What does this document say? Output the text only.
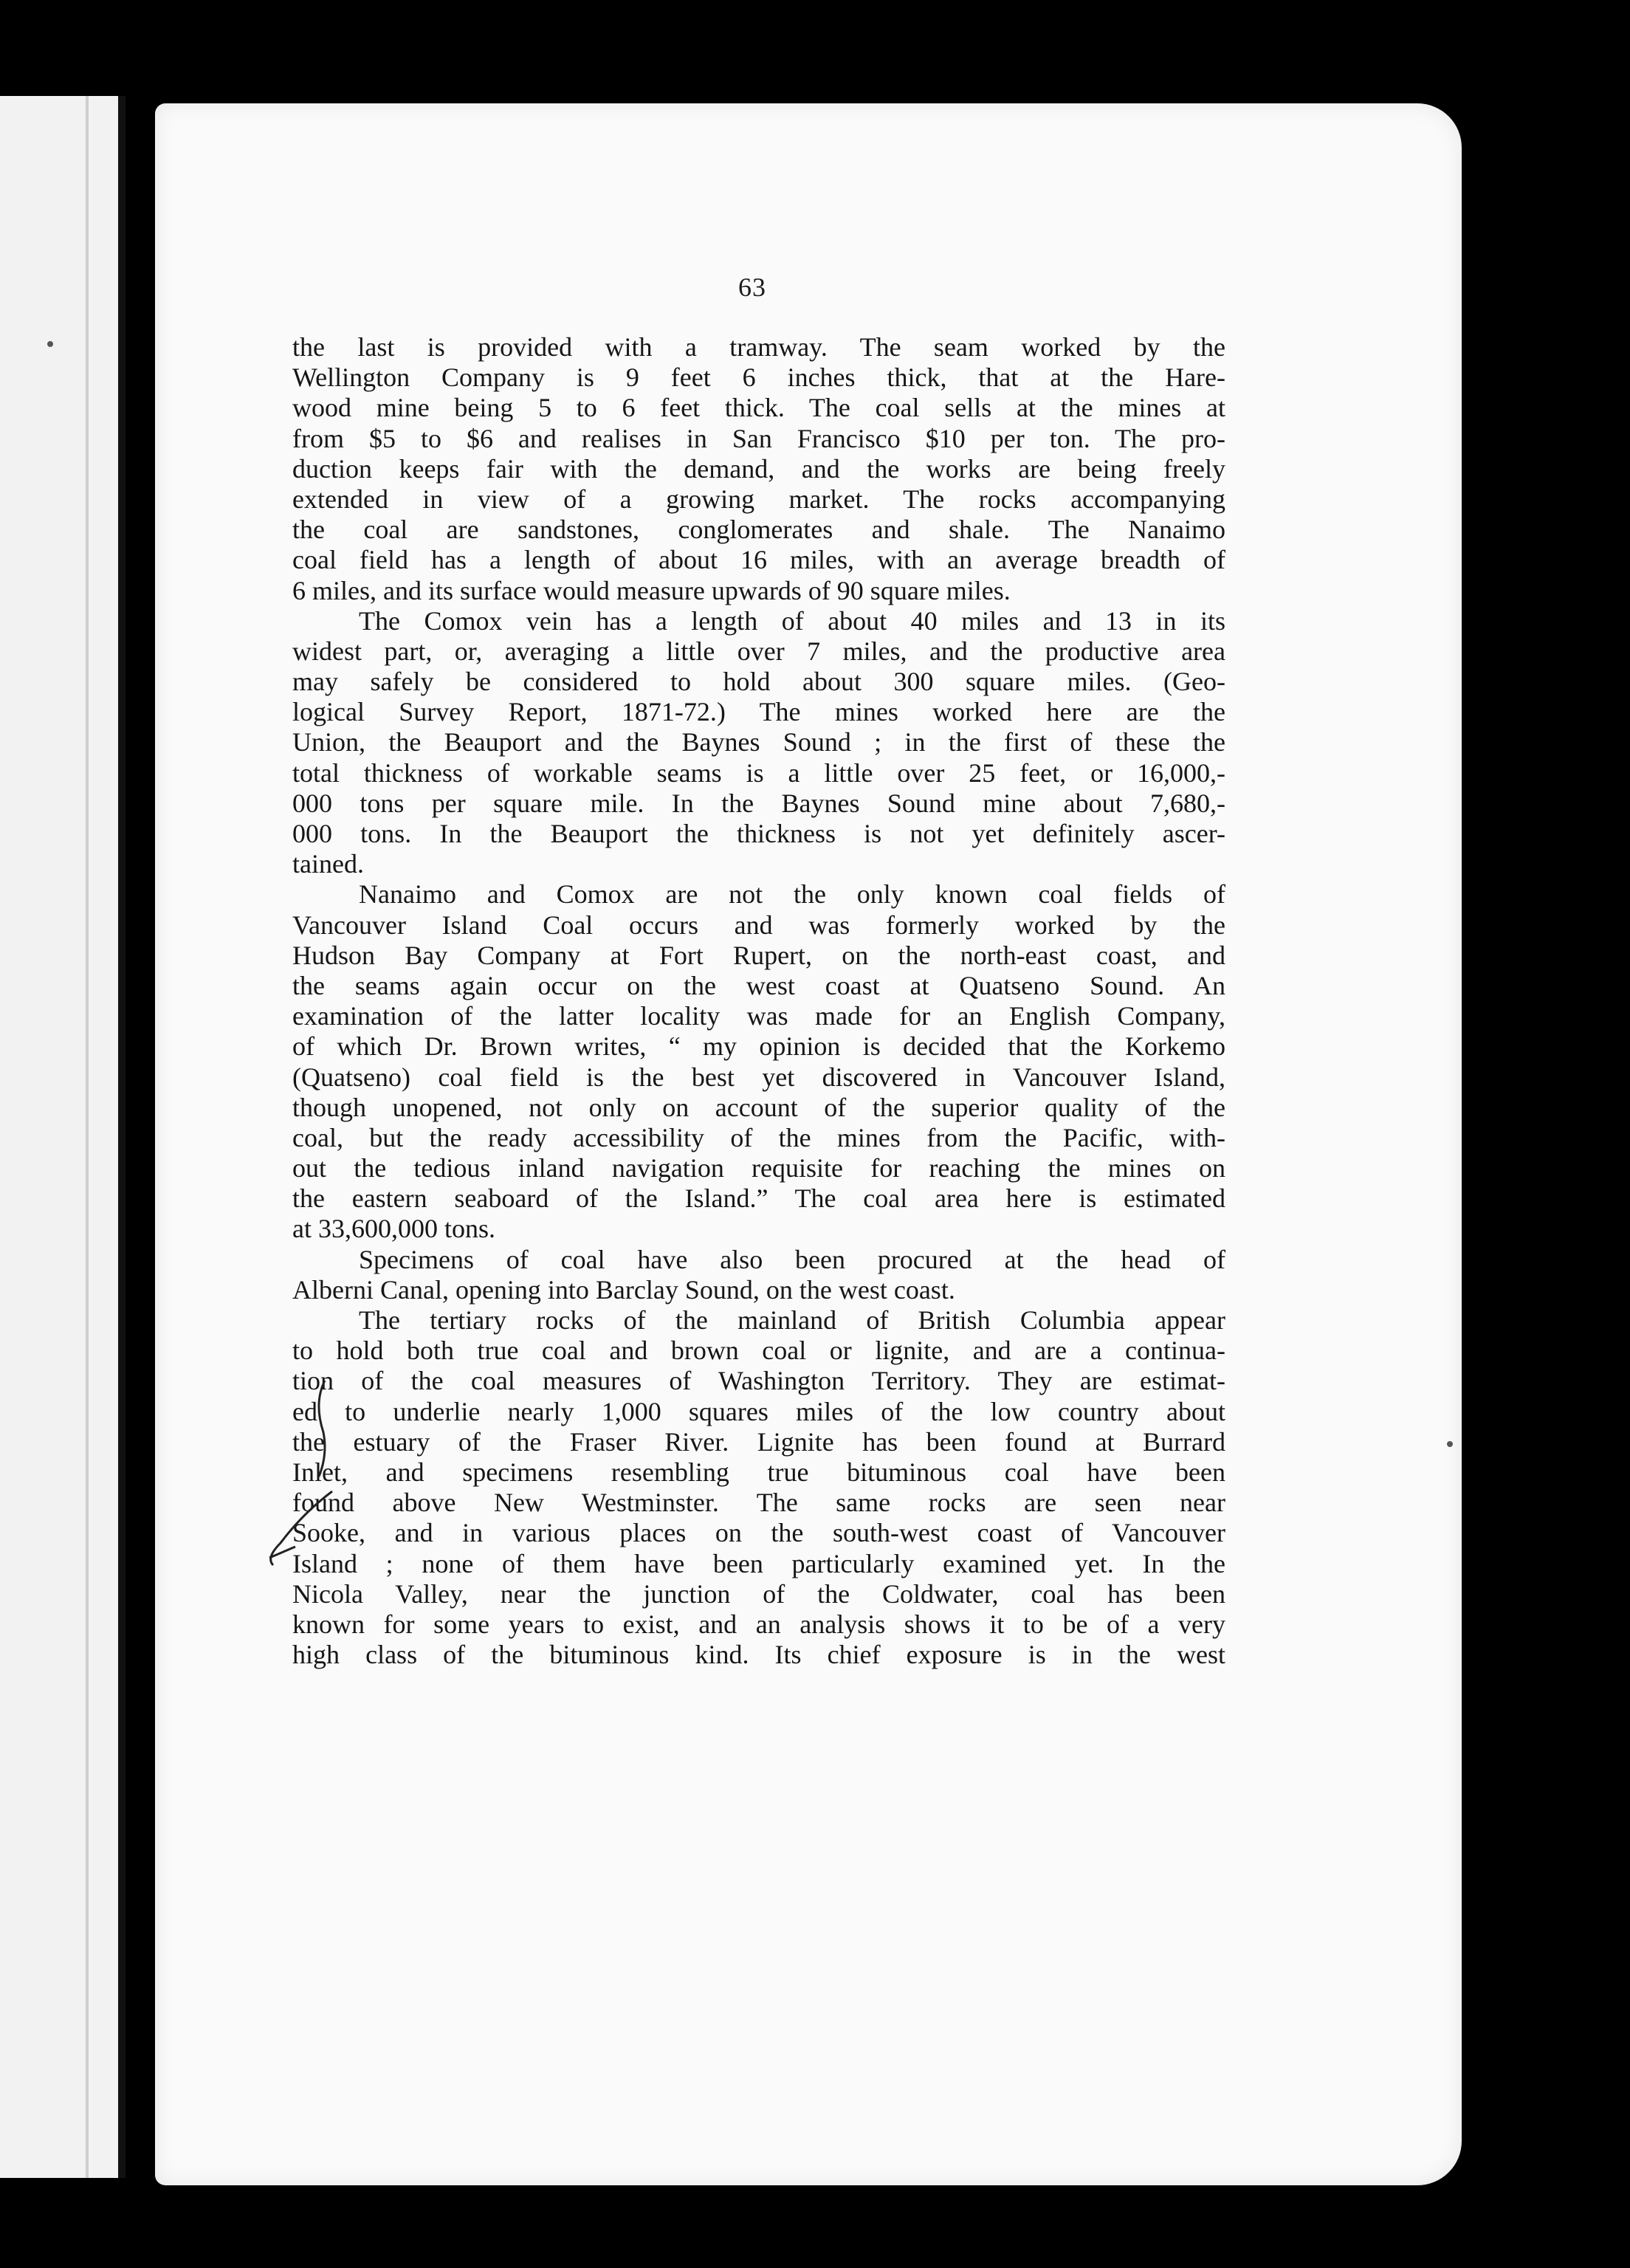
63
the last is provided with a tramway. The seam worked by the
Wellington Company is 9 feet 6 inches thick, that at the Hare-
wood mine being 5 to 6 feet thick. The coal sells at the mines at
from $5 to $6 and realises in San Francisco $10 per ton. The pro-
duction keeps fair with the demand, and the works are being freely
extended in view of a growing market. The rocks accompanying
the coal are sandstones, conglomerates and shale. The Nanaimo
coal field has a length of about 16 miles, with an average breadth of
6 miles, and its surface would measure upwards of 90 square miles.
The Comox vein has a length of about 40 miles and 13 in its
widest part, or, averaging a little over 7 miles, and the productive area
may safely be considered to hold about 300 square miles. (Geo-
logical Survey Report, 1871-72.) The mines worked here are the
Union, the Beauport and the Baynes Sound ; in the first of these the
total thickness of workable seams is a little over 25 feet, or 16,000,-
000 tons per square mile. In the Baynes Sound mine about 7,680,-
000 tons. In the Beauport the thickness is not yet definitely ascer-
tained.
Nanaimo and Comox are not the only known coal fields of
Vancouver Island Coal occurs and was formerly worked by the
Hudson Bay Company at Fort Rupert, on the north-east coast, and
the seams again occur on the west coast at Quatseno Sound. An
examination of the latter locality was made for an English Company,
of which Dr. Brown writes, “ my opinion is decided that the Korkemo
(Quatseno) coal field is the best yet discovered in Vancouver Island,
though unopened, not only on account of the superior quality of the
coal, but the ready accessibility of the mines from the Pacific, with-
out the tedious inland navigation requisite for reaching the mines on
the eastern seaboard of the Island.” The coal area here is estimated
at 33,600,000 tons.
Specimens of coal have also been procured at the head of
Alberni Canal, opening into Barclay Sound, on the west coast.
The tertiary rocks of the mainland of British Columbia appear
to hold both true coal and brown coal or lignite, and are a continua-
tion of the coal measures of Washington Territory. They are estimat-
ed to underlie nearly 1,000 squares miles of the low country about
the estuary of the Fraser River. Lignite has been found at Burrard
Inlet, and specimens resembling true bituminous coal have been
found above New Westminster. The same rocks are seen near
Sooke, and in various places on the south-west coast of Vancouver
Island ; none of them have been particularly examined yet. In the
Nicola Valley, near the junction of the Coldwater, coal has been
known for some years to exist, and an analysis shows it to be of a very
high class of the bituminous kind. Its chief exposure is in the west
